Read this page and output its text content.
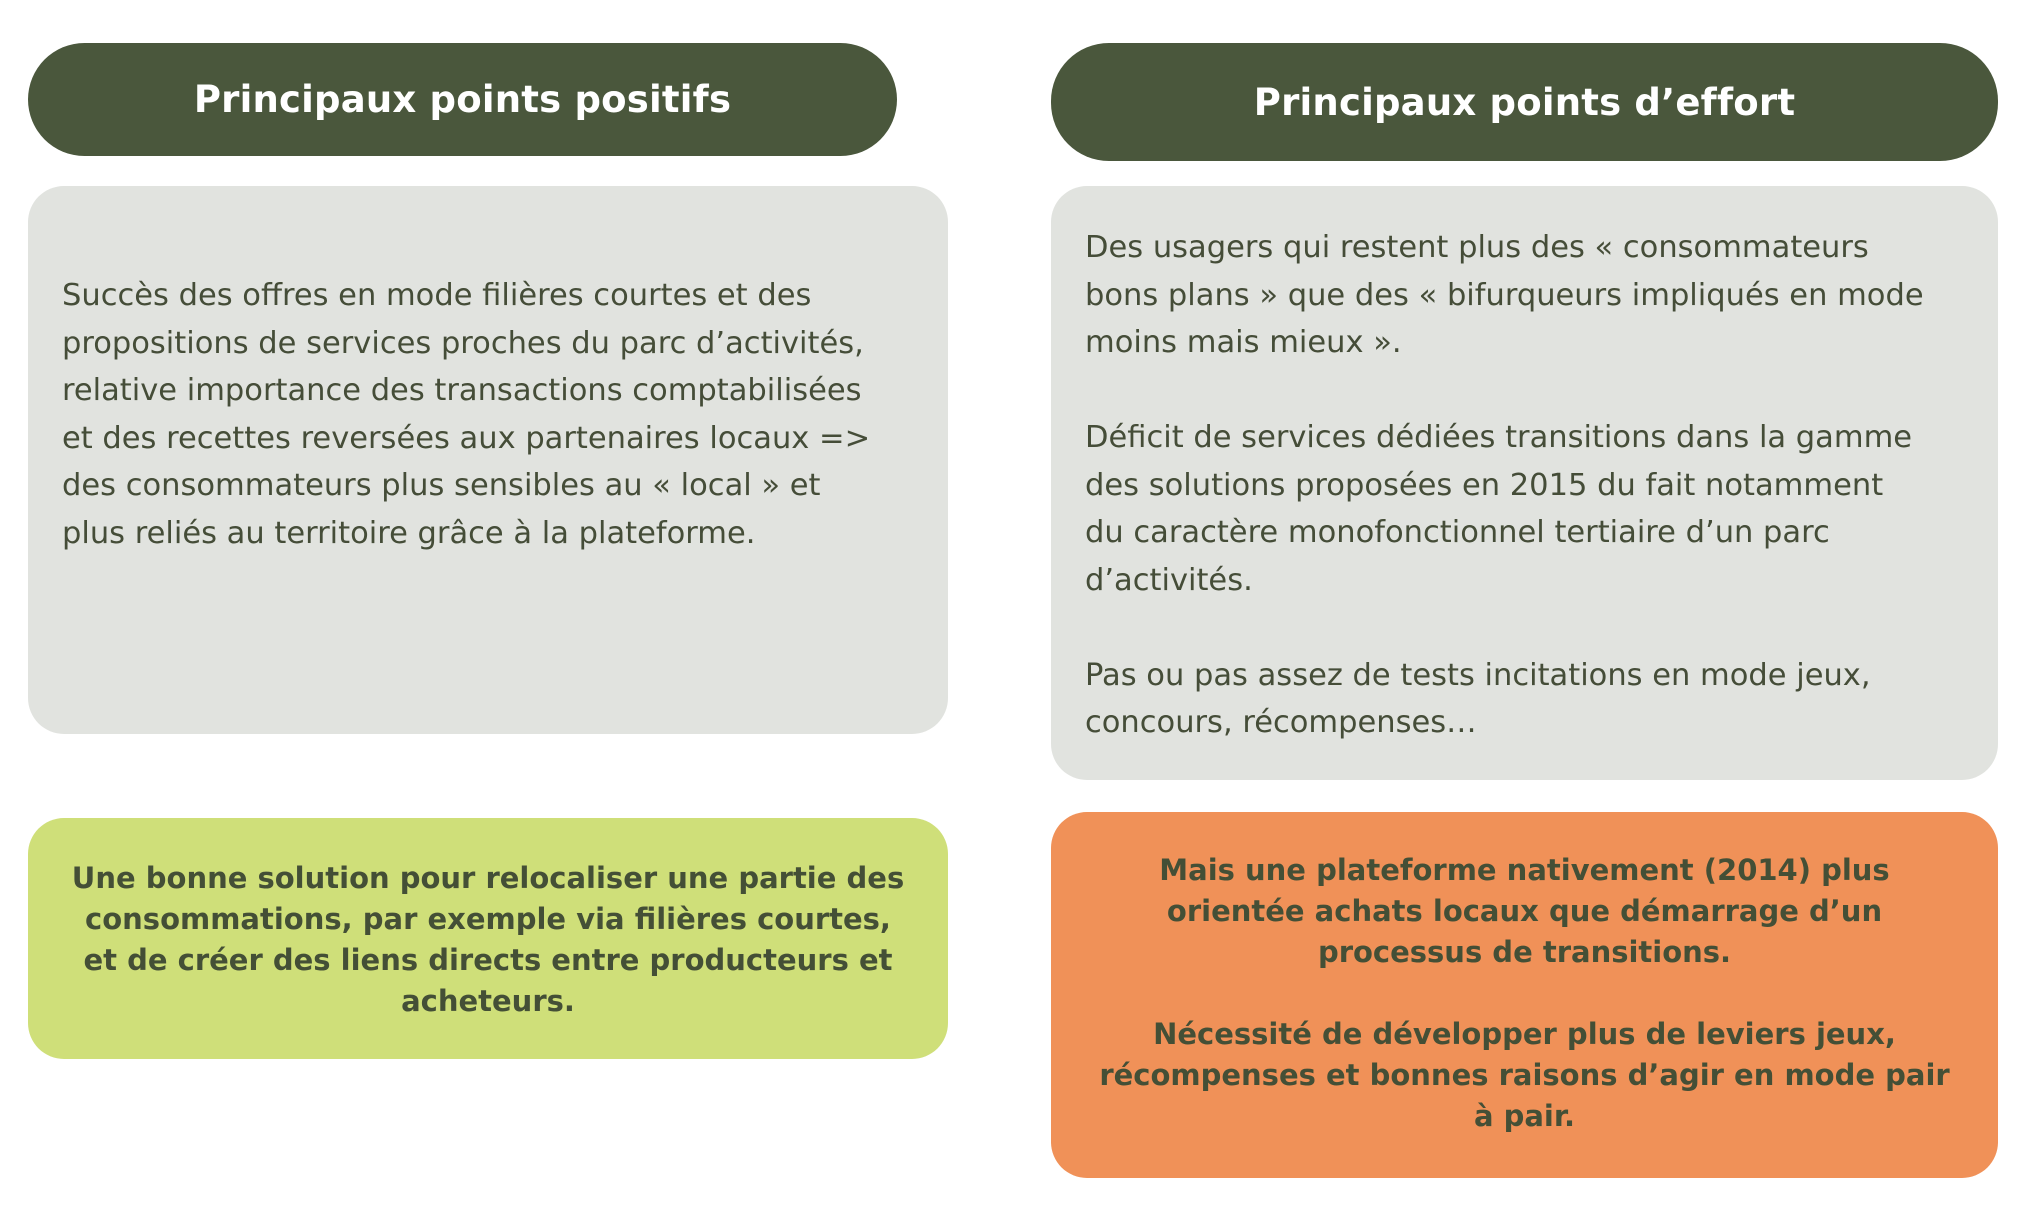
Principaux points positifs

Succès des offres en mode filières courtes et des

propositions de services proches du parc d’activités,

relative importance des transactions comptabilisées

et des recettes reversées aux partenaires locaux =>

des consommateurs plus sensibles au « local » et

plus reliés au territoire grâce à la plateforme.

Une bonne solution pour relocaliser une partie des

consommations, par exemple via filières courtes,

et de créer des liens directs entre producteurs et

acheteurs.

Principaux points d’effort

Des usagers qui restent plus des « consommateurs

bons plans » que des « bifurqueurs impliqués en mode

moins mais mieux ».

Déficit de services dédiées transitions dans la gamme

des solutions proposées en 2015 du fait notamment

du caractère monofonctionnel tertiaire d’un parc

d’activités.

Pas ou pas assez de tests incitations en mode jeux,

concours, récompenses…

Mais une plateforme nativement (2014) plus

orientée achats locaux que démarrage d’un

processus de transitions.

Nécessité de développer plus de leviers jeux,

récompenses et bonnes raisons d’agir en mode pair

à pair.
